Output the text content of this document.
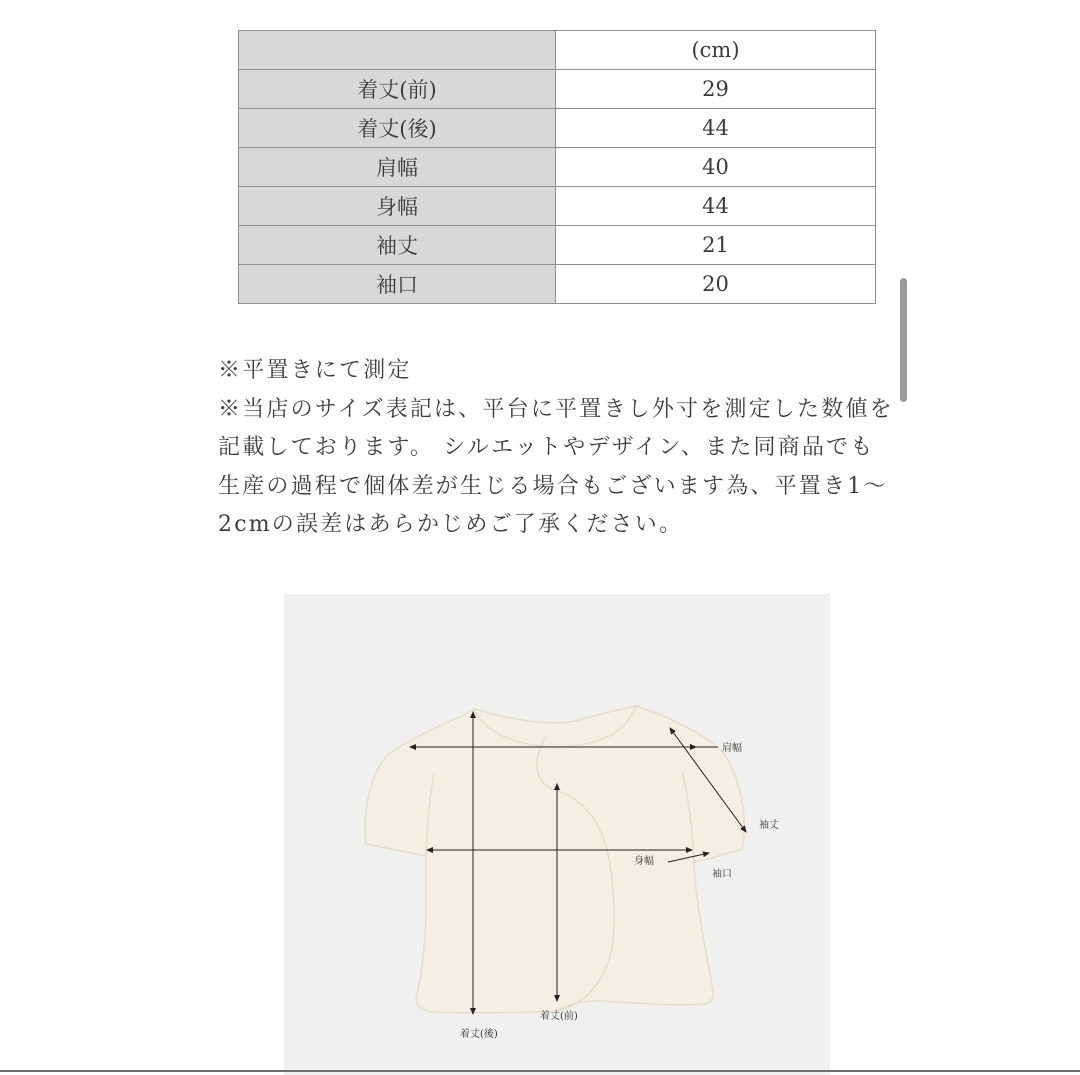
	(cm)
着丈(前)	29
着丈(後)	44
肩幅	40
身幅	44
袖丈	21
袖口	20

※平置きにて測定

※当店のサイズ表記は、平台に平置きし外寸を測定した数値を記載しております。 シルエットやデザイン、また同商品でも生産の過程で個体差が生じる場合もございます為、平置き1〜2cmの誤差はあらかじめご了承ください。

肩幅
袖丈
身幅
袖口
着丈(前)
着丈(後)
